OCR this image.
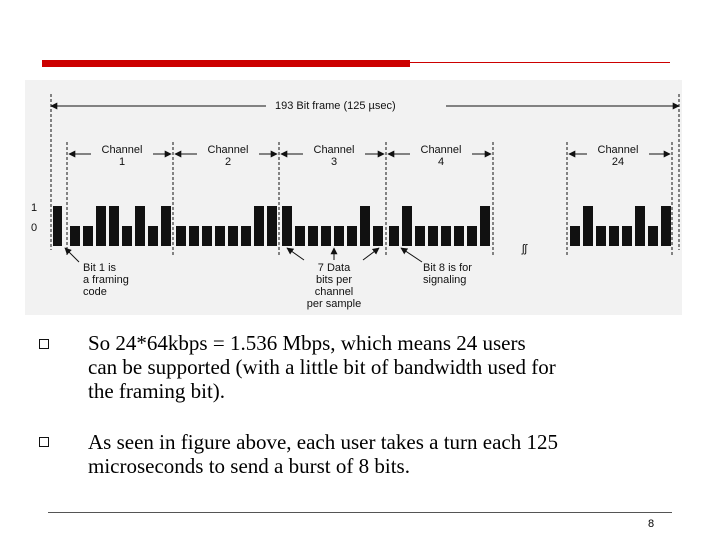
193 Bit frame (125 µsec)
Channel
1
Channel
2
Channel
3
Channel
4
Channel
24
1
0
ʃʃ
Bit 1 is
a framing
code
7 Data
bits per
channel
per sample
Bit 8 is for
signaling
So 24*64kbps = 1.536 Mbps, which means 24 users
can be supported (with a little bit of bandwidth used for
the framing bit).
As seen in figure above, each user takes a turn each 125
microseconds to send a burst of 8 bits.
8
